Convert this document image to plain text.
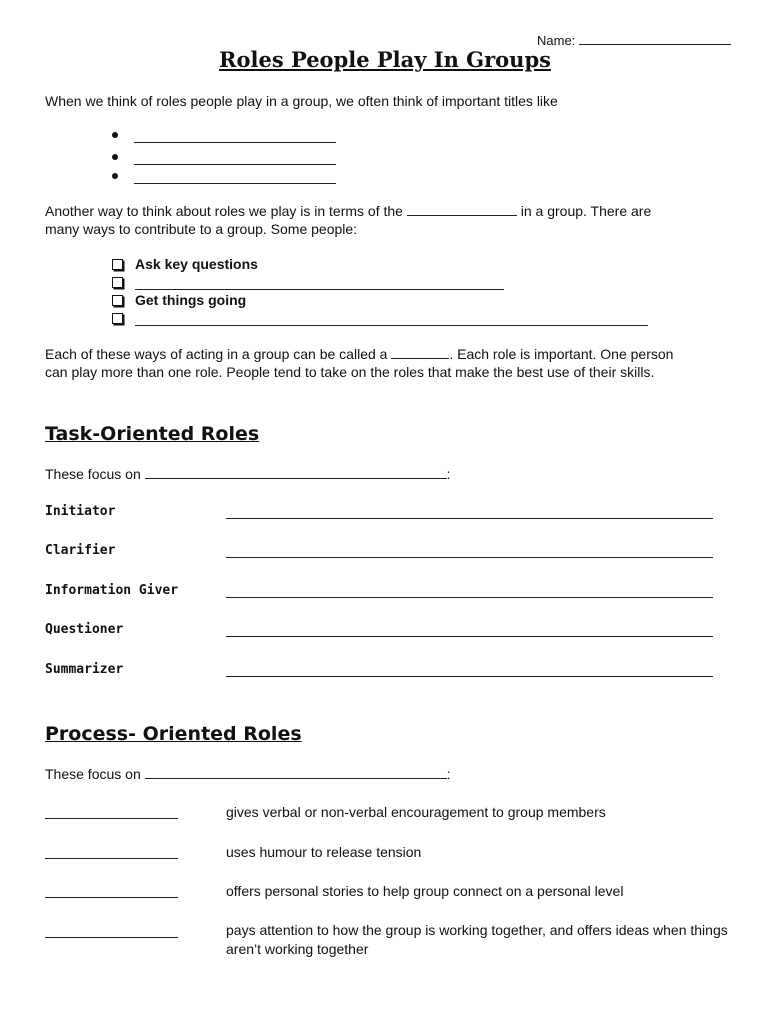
Name:
Roles People Play In Groups
When we think of roles people play in a group, we often think of important titles like
Another way to think about roles we play is in terms of the	in a group. There are
many ways to contribute to a group. Some people:
Ask key questions
Get things going
Each of these ways of acting in a group can be called a	. Each role is important. One person
can play more than one role. People tend to take on the roles that make the best use of their skills.
Task-Oriented Roles
These focus on	:
Initiator
Clarifier
Information Giver
Questioner
Summarizer
Process- Oriented Roles
These focus on	:
gives verbal or non-verbal encouragement to group members
uses humour to release tension
offers personal stories to help group connect on a personal level
pays attention to how the group is working together, and offers ideas when things aren’t working together
